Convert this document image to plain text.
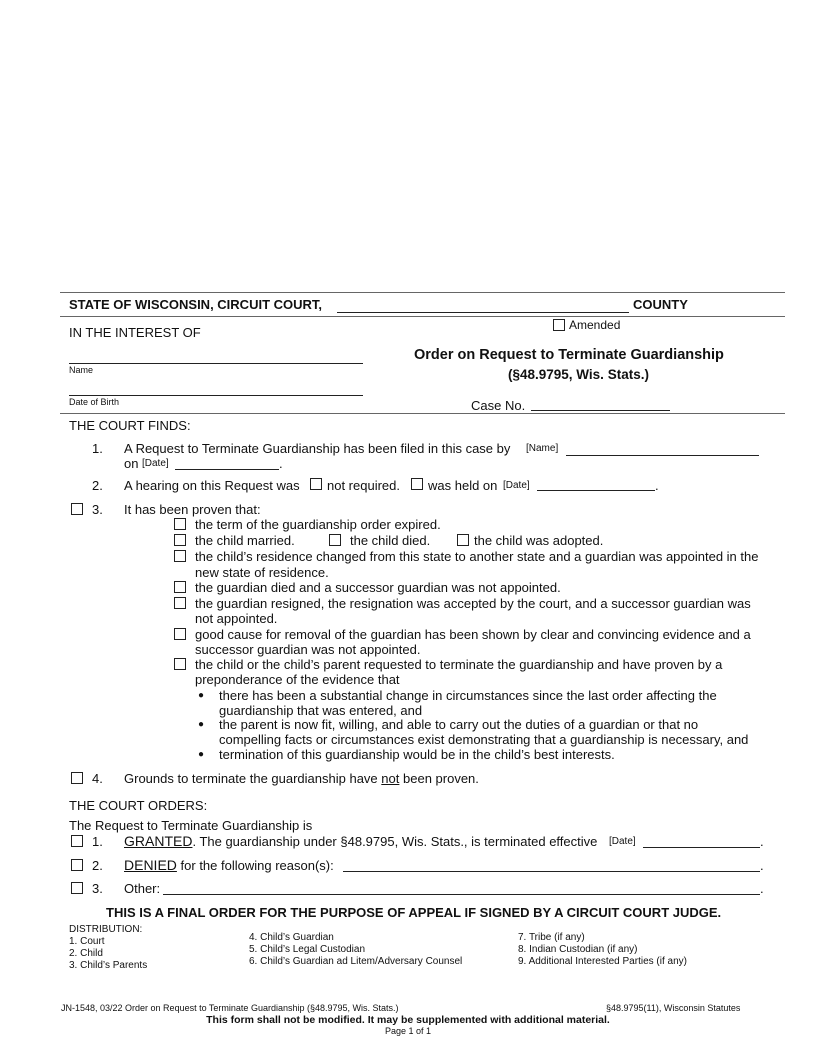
STATE OF WISCONSIN, CIRCUIT COURT,	COUNTY
Amended
IN THE INTEREST OF
Name
Date of Birth
Order on Request to Terminate Guardianship
(§48.9795, Wis. Stats.)
Case No.
THE COURT FINDS:
1. A Request to Terminate Guardianship has been filed in this case by [Name]
on [Date]	.
2. A hearing on this Request was not required. was held on [Date]	.
3. It has been proven that:
the term of the guardianship order expired.
the child married.	the child died.	the child was adopted.
the child’s residence changed from this state to another state and a guardian was appointed in the
new state of residence.
the guardian died and a successor guardian was not appointed.
the guardian resigned, the resignation was accepted by the court, and a successor guardian was
not appointed.
good cause for removal of the guardian has been shown by clear and convincing evidence and a
successor guardian was not appointed.
the child or the child’s parent requested to terminate the guardianship and have proven by a
preponderance of the evidence that
● there has been a substantial change in circumstances since the last order affecting the
guardianship that was entered, and
● the parent is now fit, willing, and able to carry out the duties of a guardian or that no
compelling facts or circumstances exist demonstrating that a guardianship is necessary, and
● termination of this guardianship would be in the child’s best interests.
4. Grounds to terminate the guardianship have not been proven.
THE COURT ORDERS:
The Request to Terminate Guardianship is
1. GRANTED. The guardianship under §48.9795, Wis. Stats., is terminated effective [Date]	.
2. DENIED for the following reason(s):	.
3. Other:	.
THIS IS A FINAL ORDER FOR THE PURPOSE OF APPEAL IF SIGNED BY A CIRCUIT COURT JUDGE.
DISTRIBUTION:
1. Court
2. Child
3. Child’s Parents
4. Child’s Guardian
5. Child’s Legal Custodian
6. Child’s Guardian ad Litem/Adversary Counsel
7. Tribe (if any)
8. Indian Custodian (if any)
9. Additional Interested Parties (if any)
JN-1548, 03/22 Order on Request to Terminate Guardianship (§48.9795, Wis. Stats.)	§48.9795(11), Wisconsin Statutes
This form shall not be modified. It may be supplemented with additional material.
Page 1 of 1
